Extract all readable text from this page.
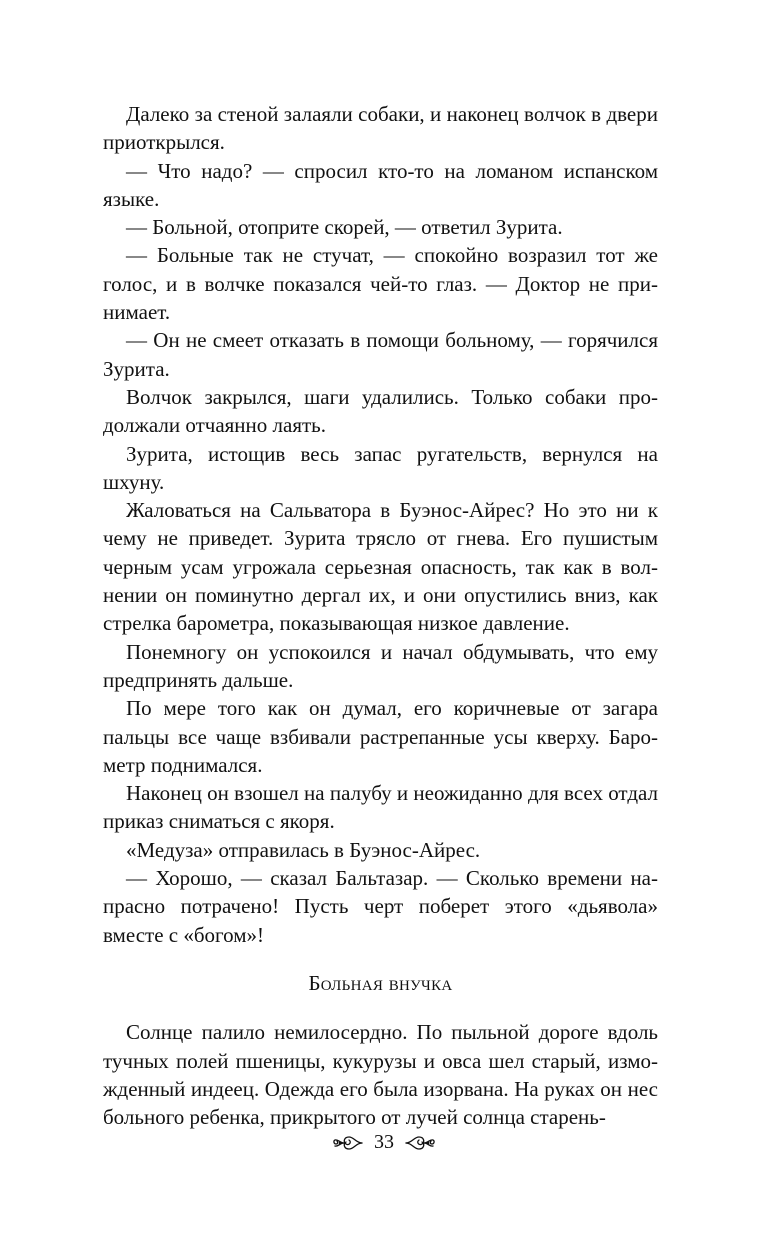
Далеко за стеной залаяли собаки, и наконец волчок в двери приоткрылся.

— Что надо? — спросил кто-то на ломаном испанском языке.

— Больной, отоприте скорей, — ответил Зурита.

— Больные так не стучат, — спокойно возразил тот же голос, и в волчке показался чей-то глаз. — Доктор не принимает.

— Он не смеет отказать в помощи больному, — горячился Зурита.

Волчок закрылся, шаги удалились. Только собаки продолжали отчаянно лаять.

Зурита, истощив весь запас ругательств, вернулся на шхуну.

Жаловаться на Сальватора в Буэнос-Айрес? Но это ни к чему не приведет. Зурита трясло от гнева. Его пушистым черным усам угрожала серьезная опасность, так как в волнении он поминутно дергал их, и они опустились вниз, как стрелка барометра, показывающая низкое давление.

Понемногу он успокоился и начал обдумывать, что ему предпринять дальше.

По мере того как он думал, его коричневые от загара пальцы все чаще взбивали растрепанные усы кверху. Барометр поднимался.

Наконец он взошел на палубу и неожиданно для всех отдал приказ сниматься с якоря.

«Медуза» отправилась в Буэнос-Айрес.

— Хорошо, — сказал Бальтазар. — Сколько времени напрасно потрачено! Пусть черт поберет этого «дьявола» вместе с «богом»!

Больная внучка

Солнце палило немилосердно. По пыльной дороге вдоль тучных полей пшеницы, кукурузы и овса шел старый, изможденный индеец. Одежда его была изорвана. На руках он нес больного ребенка, прикрытого от лучей солнца старень-

33
